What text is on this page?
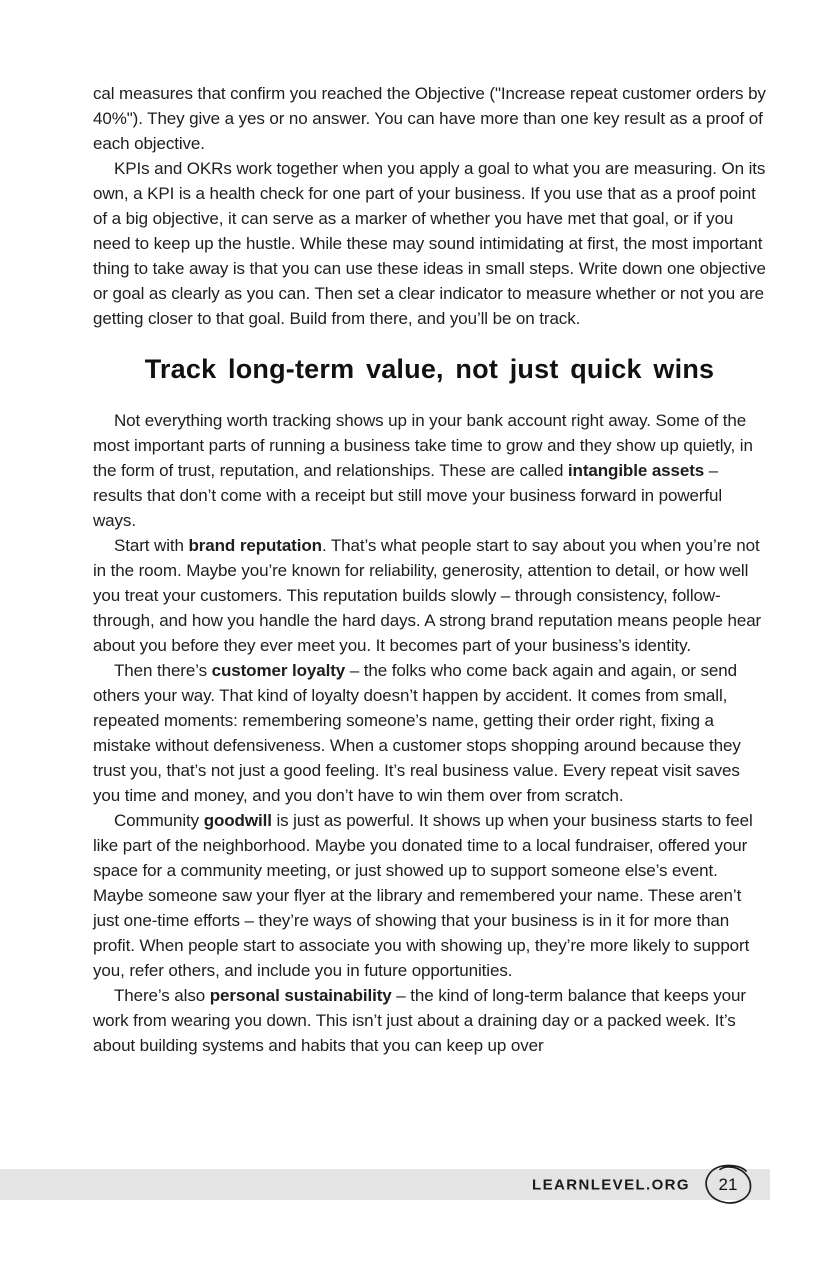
cal measures that confirm you reached the Objective ("Increase repeat customer orders by 40%"). They give a yes or no answer. You can have more than one key result as a proof of each objective.

KPIs and OKRs work together when you apply a goal to what you are measuring. On its own, a KPI is a health check for one part of your business. If you use that as a proof point of a big objective, it can serve as a marker of whether you have met that goal, or if you need to keep up the hustle. While these may sound intimidating at first, the most important thing to take away is that you can use these ideas in small steps. Write down one objective or goal as clearly as you can. Then set a clear indicator to measure whether or not you are getting closer to that goal. Build from there, and you’ll be on track.

Track long-term value, not just quick wins

Not everything worth tracking shows up in your bank account right away. Some of the most important parts of running a business take time to grow and they show up quietly, in the form of trust, reputation, and relationships. These are called intangible assets – results that don’t come with a receipt but still move your business forward in powerful ways.

Start with brand reputation. That’s what people start to say about you when you’re not in the room. Maybe you’re known for reliability, generosity, attention to detail, or how well you treat your customers. This reputation builds slowly – through consistency, follow-through, and how you handle the hard days. A strong brand reputation means people hear about you before they ever meet you. It becomes part of your business’s identity.

Then there’s customer loyalty – the folks who come back again and again, or send others your way. That kind of loyalty doesn’t happen by accident. It comes from small, repeated moments: remembering someone’s name, getting their order right, fixing a mistake without defensiveness. When a customer stops shopping around because they trust you, that’s not just a good feeling. It’s real business value. Every repeat visit saves you time and money, and you don’t have to win them over from scratch.

Community goodwill is just as powerful. It shows up when your business starts to feel like part of the neighborhood. Maybe you donated time to a local fundraiser, offered your space for a community meeting, or just showed up to support someone else’s event. Maybe someone saw your flyer at the library and remembered your name. These aren’t just one-time efforts – they’re ways of showing that your business is in it for more than profit. When people start to associate you with showing up, they’re more likely to support you, refer others, and include you in future opportunities.

There’s also personal sustainability – the kind of long-term balance that keeps your work from wearing you down. This isn’t just about a draining day or a packed week. It’s about building systems and habits that you can keep up over

LEARNLEVEL.ORG	21
